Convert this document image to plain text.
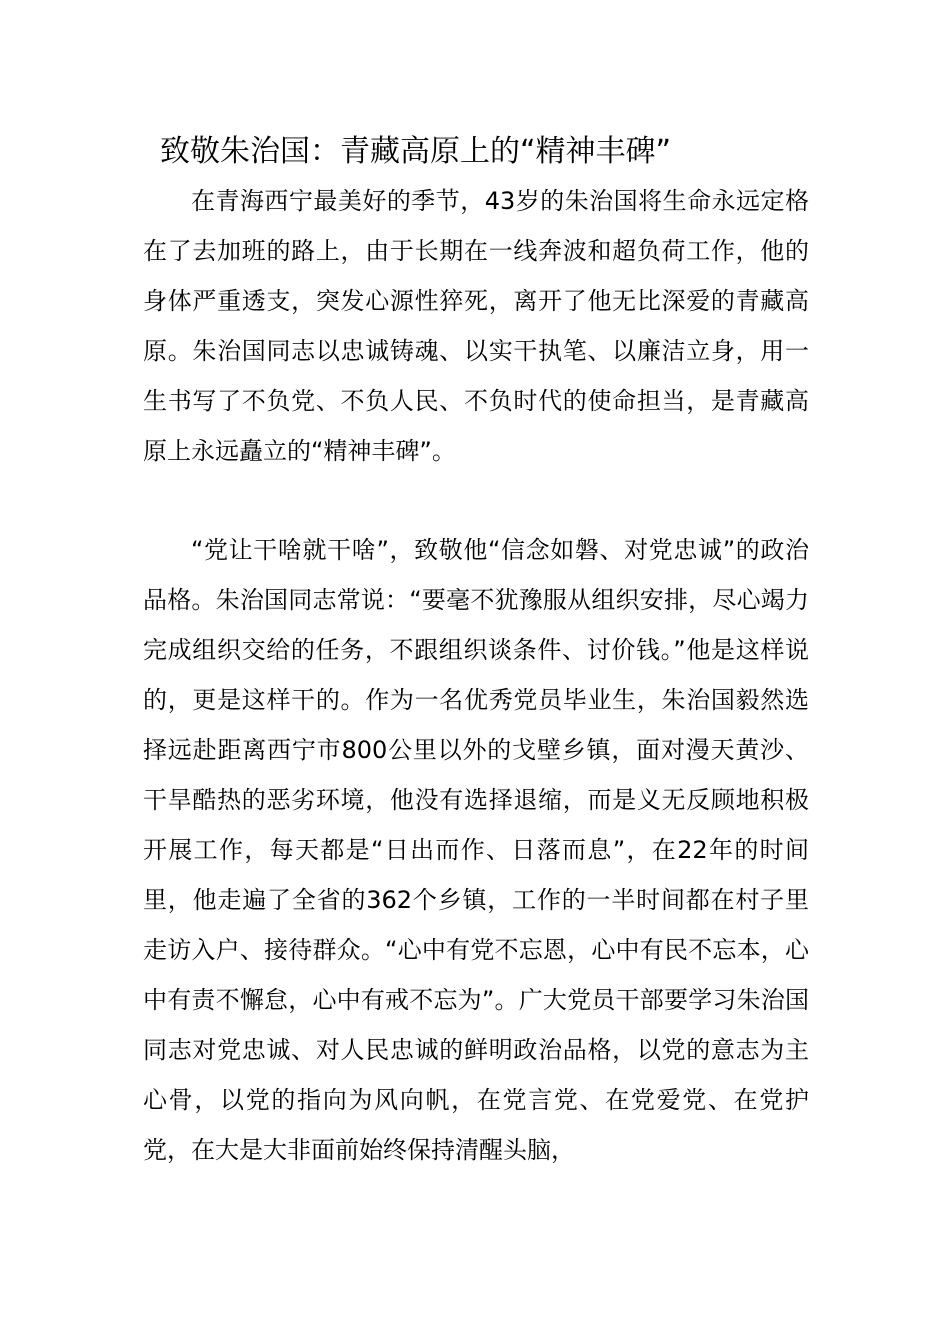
致敬朱治国：青藏高原上的“精神丰碑”

在青海西宁最美好的季节，43岁的朱治国将生命永远定格在了去加班的路上，由于长期在一线奔波和超负荷工作，他的身体严重透支，突发心源性猝死，离开了他无比深爱的青藏高原。朱治国同志以忠诚铸魂、以实干执笔、以廉洁立身，用一生书写了不负党、不负人民、不负时代的使命担当，是青藏高原上永远矗立的“精神丰碑”。

“党让干啥就干啥”，致敬他“信念如磐、对党忠诚”的政治品格。朱治国同志常说：“要毫不犹豫服从组织安排，尽心竭力完成组织交给的任务，不跟组织谈条件、讨价钱。”他是这样说的，更是这样干的。作为一名优秀党员毕业生，朱治国毅然选择远赴距离西宁市800公里以外的戈壁乡镇，面对漫天黄沙、干旱酷热的恶劣环境，他没有选择退缩，而是义无反顾地积极开展工作，每天都是“日出而作、日落而息”，在22年的时间里，他走遍了全省的362个乡镇，工作的一半时间都在村子里走访入户、接待群众。“心中有党不忘恩，心中有民不忘本，心中有责不懈怠，心中有戒不忘为”。广大党员干部要学习朱治国同志对党忠诚、对人民忠诚的鲜明政治品格，以党的意志为主心骨，以党的指向为风向帆，在党言党、在党爱党、在党护党，在大是大非面前始终保持清醒头脑，
